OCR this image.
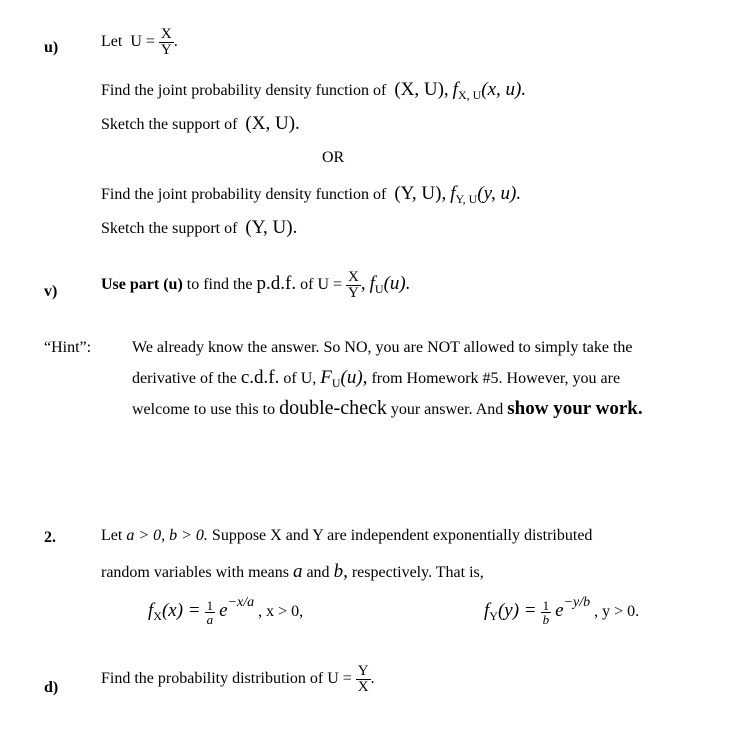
u)	Let $U = \frac{X}{Y}$ .
Find the joint probability density function of (X, U), $f_{X, U}(x$, u).
Sketch the support of (X, U).
OR
Find the joint probability density function of (Y, U), $f_{Y, U}(y$, u).
Sketch the support of (Y, U).
v)	Use part (u) to find the p.d.f. of $U = \frac{X}{Y}$ , $f_U(u)$.
“Hint”:	We already know the answer. So NO, you are NOT allowed to simply take the
derivative of the c.d.f. of U, $F_U(u)$, from Homework #5. However, you are
welcome to use this to double-check your answer. And show your work.
2.	Let a > 0, b > 0. Suppose X and Y are independent exponentially distributed
random variables with means a and b, respectively. That is,
$f_X(x) = \frac{1}{a} e-x/a$ , x > 0,	$f_Y(y) = \frac{1}{b} e-y/b$ , y > 0.
d)
Find the probability distribution of $U = \frac{Y}{X}$ .
